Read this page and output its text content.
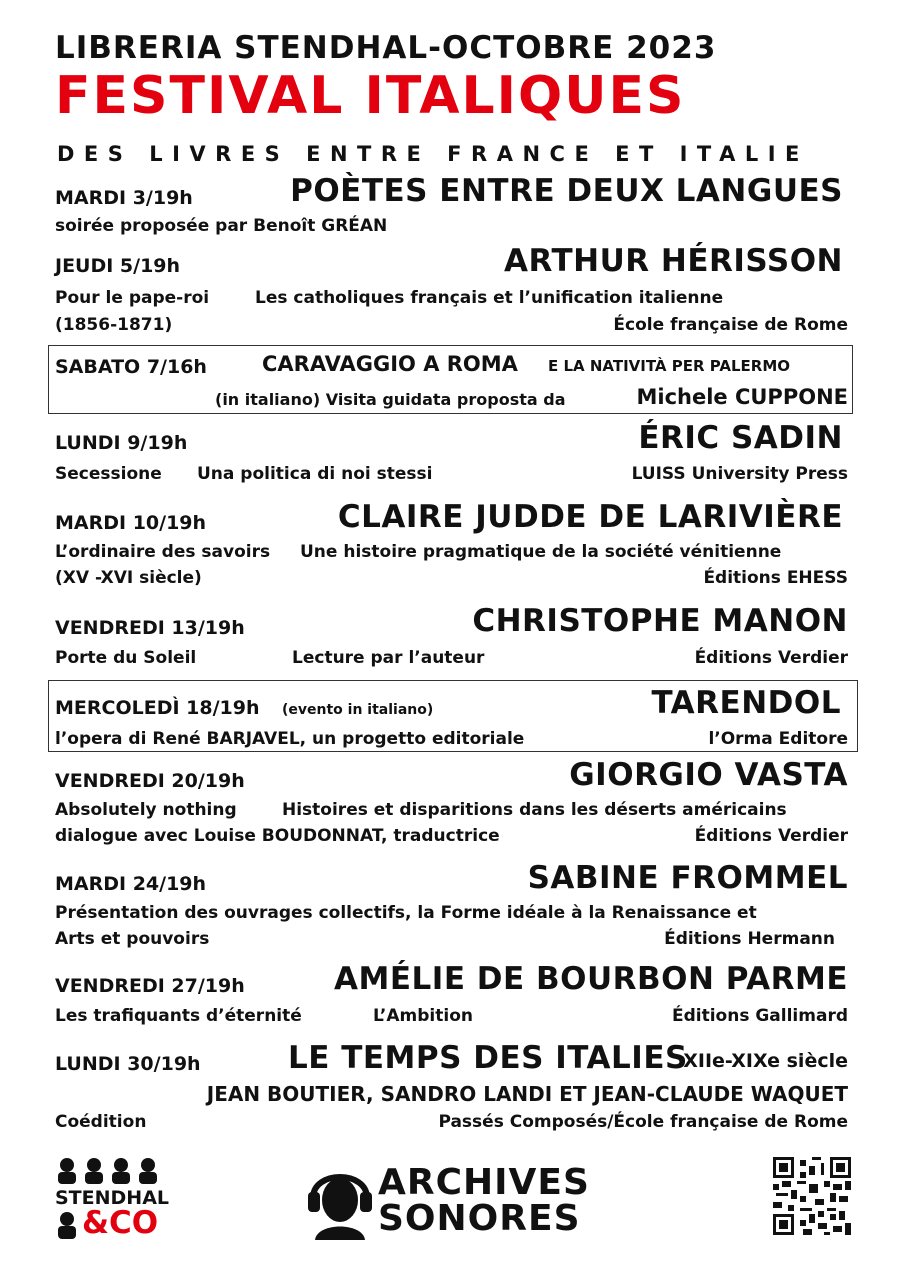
LIBRERIA STENDHAL-OCTOBRE 2023
FESTIVAL ITALIQUES
DES LIVRES ENTRE FRANCE ET ITALIE
MARDI 3/19h	POÈTES ENTRE DEUX LANGUES
soirée proposée par Benoît GRÉAN
JEUDI 5/19h	ARTHUR HÉRISSON
Pour le pape-roi	Les catholiques français et l’unification italienne
(1856-1871)	École française de Rome
SABATO 7/16h	CARAVAGGIO A ROMA E LA NATIVITÀ PER PALERMO
(in italiano) Visita guidata proposta da	Michele CUPPONE
LUNDI 9/19h	ÉRIC SADIN
Secessione Una politica di noi stessi	LUISS University Press
MARDI 10/19h	CLAIRE JUDDE DE LARIVIÈRE
L’ordinaire des savoirs Une histoire pragmatique de la société vénitienne
(XV -XVI siècle)	Éditions EHESS
VENDREDI 13/19h	CHRISTOPHE MANON
Porte du Soleil	Lecture par l’auteur	Éditions Verdier
MERCOLEDÌ 18/19h (evento in italiano)	TARENDOL
l’opera di René BARJAVEL, un progetto editoriale	l’Orma Editore
VENDREDI 20/19h	GIORGIO VASTA
Absolutely nothing	Histoires et disparitions dans les déserts américains
dialogue avec Louise BOUDONNAT, traductrice	Éditions Verdier
MARDI 24/19h	SABINE FROMMEL
Présentation des ouvrages collectifs, la Forme idéale à la Renaissance et
Arts et pouvoirs	Éditions Hermann
VENDREDI 27/19h	AMÉLIE DE BOURBON PARME
Les trafiquants d’éternité	L’Ambition	Éditions Gallimard
LUNDI 30/19h	LE TEMPS DES ITALIES
XIIe-XIXe siècle
JEAN BOUTIER, SANDRO LANDI ET JEAN-CLAUDE WAQUET
Coédition	Passés Composés/École française de Rome
STENDHAL
&CO
ARCHIVES
SONORES
